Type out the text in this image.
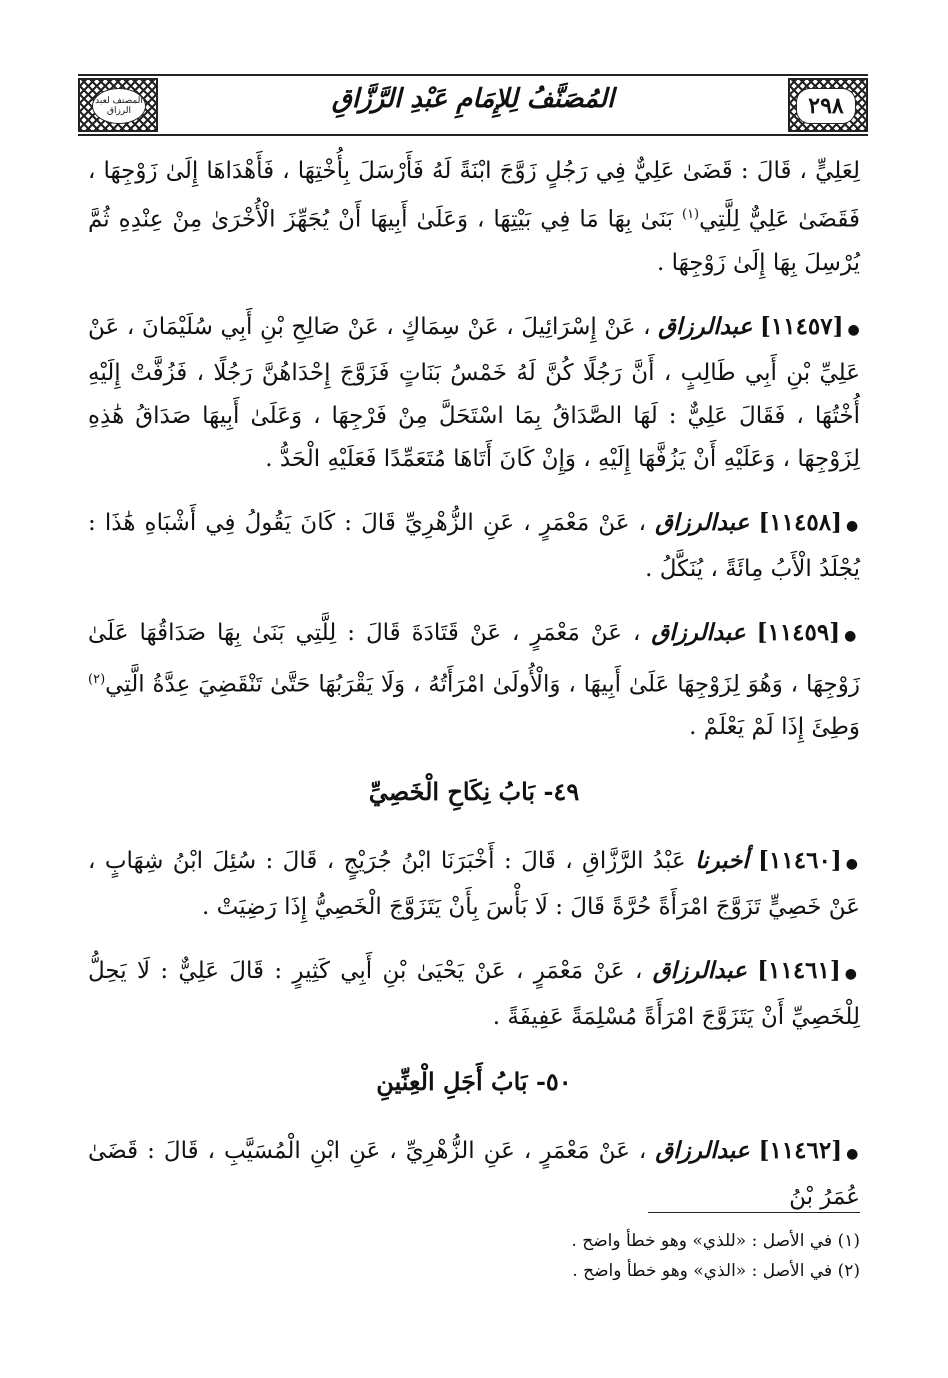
المصنف لعبد الرزاق	٢٩٨
المُصَنَّفُ لِلإِمَامِ عَبْدِ الرَّزَّاقِ

لِعَلِيٍّ ، قَالَ : قَضَىٰ عَلِيٌّ فِي رَجُلٍ زَوَّجَ ابْنَةً لَهُ فَأَرْسَلَ بِأُخْتِهَا ، فَأَهْدَاهَا إِلَىٰ زَوْجِهَا ، فَقَضَىٰ عَلِيٌّ لِلَّتِي$^{(١)}$ بَنَىٰ بِهَا مَا فِي بَيْتِهَا ، وَعَلَىٰ أَبِيهَا أَنْ يُجَهِّزَ الْأُخْرَىٰ مِنْ عِنْدِهِ ثُمَّ يُرْسِلَ بِهَا إِلَىٰ زَوْجِهَا .

●[١١٤٥٧] عبدالرزاق ، عَنْ إِسْرَائِيلَ ، عَنْ سِمَاكٍ ، عَنْ صَالِحِ بْنِ أَبِي سُلَيْمَانَ ، عَنْ عَلِيِّ بْنِ أَبِي طَالِبٍ ، أَنَّ رَجُلًا كُنَّ لَهُ خَمْسُ بَنَاتٍ فَزَوَّجَ إِحْدَاهُنَّ رَجُلًا ، فَزُفَّتْ إِلَيْهِ أُخْتُهَا ، فَقَالَ عَلِيٌّ : لَهَا الصَّدَاقُ بِمَا اسْتَحَلَّ مِنْ فَرْجِهَا ، وَعَلَىٰ أَبِيهَا صَدَاقُ هَٰذِهِ لِزَوْجِهَا ، وَعَلَيْهِ أَنْ يَزُفَّهَا إِلَيْهِ ، وَإِنْ كَانَ أَتَاهَا مُتَعَمِّدًا فَعَلَيْهِ الْحَدُّ .

●[١١٤٥٨] عبدالرزاق ، عَنْ مَعْمَرٍ ، عَنِ الزُّهْرِيِّ قَالَ : كَانَ يَقُولُ فِي أَشْبَاهِ هَٰذَا : يُجْلَدُ الْأَبُ مِائَةً ، يُنَكَّلُ .

●[١١٤٥٩] عبدالرزاق ، عَنْ مَعْمَرٍ ، عَنْ قَتَادَةَ قَالَ : لِلَّتِي بَنَىٰ بِهَا صَدَاقُهَا عَلَىٰ زَوْجِهَا ، وَهُوَ لِزَوْجِهَا عَلَىٰ أَبِيهَا ، وَالْأُولَىٰ امْرَأَتُهُ ، وَلَا يَقْرَبُهَا حَتَّىٰ تَنْقَضِيَ عِدَّةُ الَّتِي$^{(٢)}$ وَطِئَ إِذَا لَمْ يَعْلَمْ .

٤٩- بَابُ نِكَاحِ الْخَصِيِّ

●[١١٤٦٠] أخبرنا عَبْدُ الرَّزَّاقِ ، قَالَ : أَخْبَرَنَا ابْنُ جُرَيْجٍ ، قَالَ : سُئِلَ ابْنُ شِهَابٍ ، عَنْ خَصِيٍّ تَزَوَّجَ امْرَأَةً حُرَّةً قَالَ : لَا بَأْسَ بِأَنْ يَتَزَوَّجَ الْخَصِيُّ إِذَا رَضِيَتْ .

●[١١٤٦١] عبدالرزاق ، عَنْ مَعْمَرٍ ، عَنْ يَحْيَىٰ بْنِ أَبِي كَثِيرٍ : قَالَ عَلِيٌّ : لَا يَحِلُّ لِلْخَصِيِّ أَنْ يَتَزَوَّجَ امْرَأَةً مُسْلِمَةً عَفِيفَةً .

٥٠- بَابُ أَجَلِ الْعِنِّينِ

●[١١٤٦٢] عبدالرزاق ، عَنْ مَعْمَرٍ ، عَنِ الزُّهْرِيِّ ، عَنِ ابْنِ الْمُسَيَّبِ ، قَالَ : قَضَىٰ عُمَرُ بْنُ

(١) في الأصل : «للذي» وهو خطأ واضح .
(٢) في الأصل : «الذي» وهو خطأ واضح .
